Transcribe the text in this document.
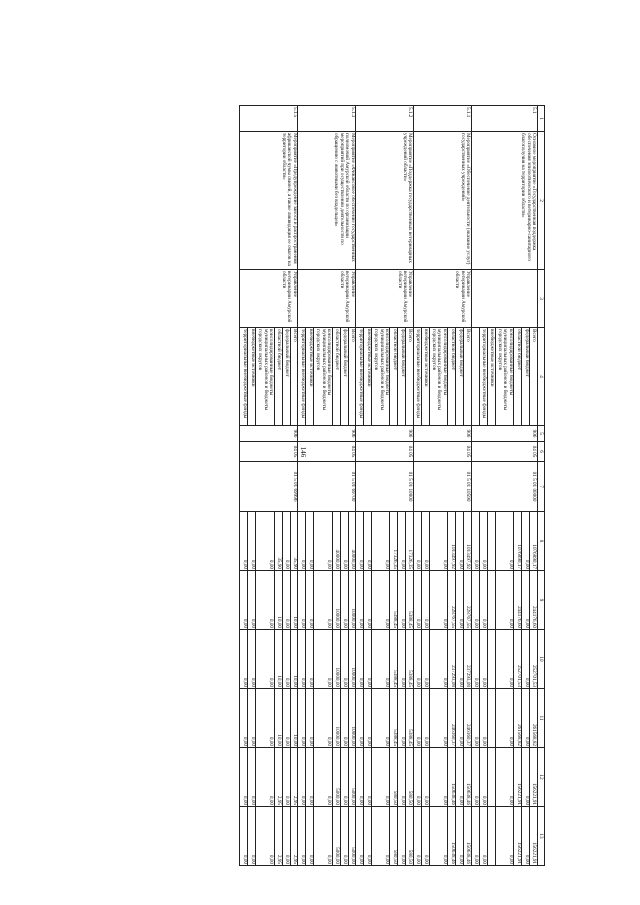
146
1	2	3	4	5	6	7	8	9	10	11	12	13
5.1	Основное мероприятие «Государственная поддержка обеспечения эпизоотического и ветеринарно-санитарного благополучия на территории области»		Всего	906	04 05	01 5 01 00000	1076890,17	244176,60	252701,53	261568,82	156221,91	156221,91
			федеральный бюджет				0,00	0,00	0,00	0,00	0,00	0,00
			областной бюджет				1076890,17	244176,60	252701,53	261568,82	156221,91	156221,91
			консолидированные бюджеты муниципальных районов и бюджеты городских округов				0,00	0,00	0,00	0,00	0,00	0,00
			внебюджетные источники									
			территориальные внебюджетные фонды				0,00	0,00	0,00	0,00	0,00	0,00
							0,00	0,00	0,00	0,00	0,00	0,00
5.1.1	Мероприятие «Обеспечение деятельности (оказание услуг) государственных учреждений»	Управление ветеринарии Амурской области	Всего	906	04 05	01 5 01 10590	1013497,92	228767,55	237293,08	246160,37	150638,46	150638,46
			федеральный бюджет				0,00	0,00	0,00	0,00	0,00	0,00
			областной бюджет				1013497,92	228767,55	237293,08	246160,37	150638,46	150638,46
			консолидированные бюджеты муниципальных районов и бюджеты городских округов				0,00	0,00	0,00	0,00	0,00	0,00
			внебюджетные источники				0,00	0,00	0,00	0,00	0,00	0,00
			территориальные внебюджетные фонды				0,00	0,00	0,00	0,00	0,00	0,00
5.1.2	Мероприятие «Поддержка государственных ветеринарных учреждений области»	Управление ветеринарии Амурской области	Всего	906	04 05	01 5 01 10800	17326,35	5388,45	5388,45	5388,45	580,50	580,50
			федеральный бюджет				0,00	0,00	0,00	0,00	0,00	0,00
			областной бюджет				17326,35	5388,45	5388,45	5388,45	580,50	580,50
			консолидированные бюджеты муниципальных районов и бюджеты городских округов				0,00	0,00	0,00	0,00	0,00	0,00
			внебюджетные источники				0,00	0,00	0,00	0,00	0,00	0,00
			территориальные внебюджетные фонды				0,00	0,00	0,00	0,00	0,00	0,00
5.1.3	Мероприятие «Финансовое обеспечение государственных полномочий Амурской области по организации мероприятий при осуществлении деятельности по обращению с животными без владельцев»	Управление ветеринарии Амурской области	Всего	906	04 05	01 5 01 69700	40000,00	10000,00	10000,00	10000,00	5000,00	5000,00
			федеральный бюджет				0,00	0,00	0,00	0,00	0,00	0,00
			областной бюджет				40000,00	10000,00	10000,00	10000,00	5000,00	5000,00
			консолидированные бюджеты муниципальных районов и бюджеты городских округов				0,00	0,00	0,00	0,00	0,00	0,00
			внебюджетные источники				0,00	0,00	0,00	0,00	0,00	0,00
			территориальные внебюджетные фонды				0,00	0,00	0,00	0,00	0,00	0,00
5.1.5	Мероприятие «Предупреждение заноса и распространения африканской чумы свиней, а также ликвидация ее очагов на территории области»	Управление ветеринарии Амурской области	Всего	906	04 05	01 5 01 69996	35,90	10,00	10,00	10,00	2,95	2,95
			федеральный бюджет				0,00	0,00	0,00	0,00	0,00	0,00
			областной бюджет				35,90	10,00	10,00	10,00	2,95	2,95
			консолидированные бюджеты муниципальных районов и бюджеты городских округов				0,00	0,00	0,00	0,00	0,00	0,00
			внебюджетные источники				0,00	0,00	0,00	0,00	0,00	0,00
			территориальные внебюджетные фонды				0,00	0,00	0,00	0,00	0,00	0,00
